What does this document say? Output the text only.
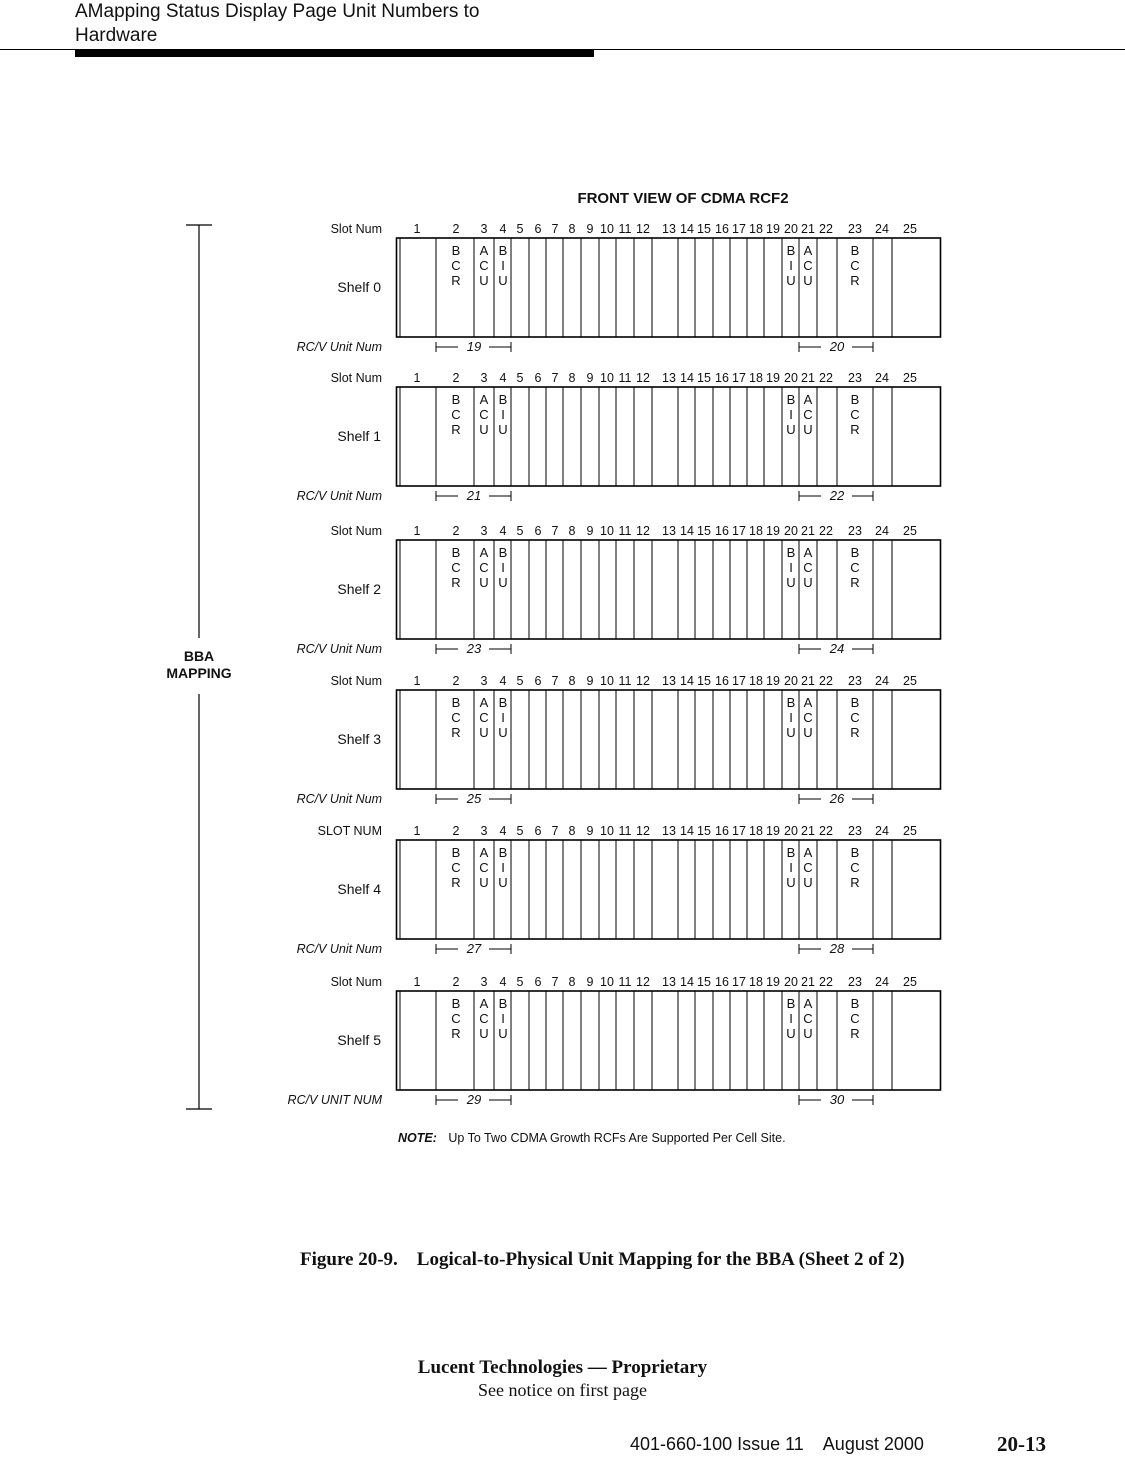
AMapping Status Display Page Unit Numbers to
Hardware
FRONT VIEW OF CDMA RCF2
BBA
MAPPING
Slot Num	1	2 3 4 5 6 7 8 9 10 11 12 13 14 15 16 17 18 19 20 21 22 23 24 25
B
C
R
A
C
U
B
I
U
B
I
U
A
C
U
B
C
R
Shelf 0
RC/V Unit Num	19	20
Slot Num	1	2 3 4 5 6 7 8 9 10 11 12 13 14 15 16 17 18 19 20 21 22 23 24 25
B
C
R
A
C
U
B
I
U
B
I
U
A
C
U
B
C
R
Shelf 1
RC/V Unit Num	21	22
Slot Num	1	2 3 4 5 6 7 8 9 10 11 12 13 14 15 16 17 18 19 20 21 22 23 24 25
B
C
R
A
C
U
B
I
U
B
I
U
A
C
U
B
C
R
Shelf 2
RC/V Unit Num	23	24
Slot Num	1	2 3 4 5 6 7 8 9 10 11 12 13 14 15 16 17 18 19 20 21 22 23 24 25
B
C
R
A
C
U
B
I
U
B
I
U
A
C
U
B
C
R
Shelf 3
RC/V Unit Num	25	26
SLOT NUM	1	2 3 4 5 6 7 8 9 10 11 12 13 14 15 16 17 18 19 20 21 22 23 24 25
B
C
R
A
C
U
B
I
U
B
I
U
A
C
U
B
C
R
Shelf 4
RC/V Unit Num	27	28
Slot Num	1	2 3 4 5 6 7 8 9 10 11 12 13 14 15 16 17 18 19 20 21 22 23 24 25
B
C
R
A
C
U
B
I
U
B
I
U
A
C
U
B
C
R
Shelf 5
RC/V UNIT NUM	29	30
NOTE: Up To Two CDMA Growth RCFs Are Supported Per Cell Site.
Figure 20-9.    Logical-to-Physical Unit Mapping for the BBA (Sheet 2 of 2)
Lucent Technologies — Proprietary
See notice on first page
401-660-100 Issue 11    August 2000	20-13
